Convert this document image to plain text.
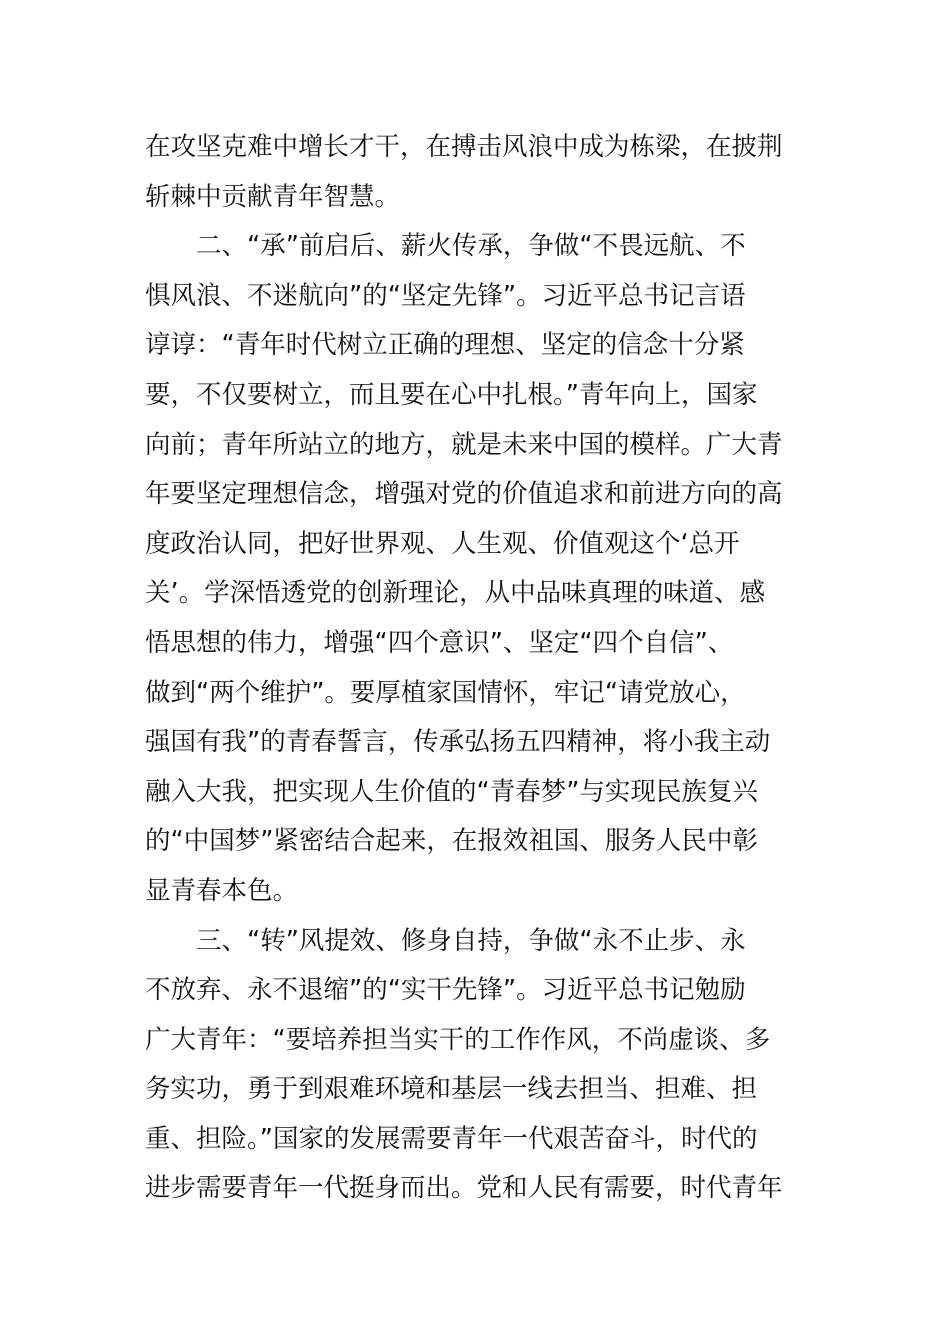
在攻坚克难中增长才干，在搏击风浪中成为栋梁，在披荆
斩棘中贡献青年智慧。
二、“承”前启后、薪火传承，争做“不畏远航、不
惧风浪、不迷航向”的“坚定先锋”。习近平总书记言语
谆谆：“青年时代树立正确的理想、坚定的信念十分紧
要，不仅要树立，而且要在心中扎根。”青年向上，国家
向前；青年所站立的地方，就是未来中国的模样。广大青
年要坚定理想信念，增强对党的价值追求和前进方向的高
度政治认同，把好世界观、人生观、价值观这个‘总开
关’。学深悟透党的创新理论，从中品味真理的味道、感
悟思想的伟力，增强“四个意识”、坚定“四个自信”、
做到“两个维护”。要厚植家国情怀，牢记“请党放心，
强国有我”的青春誓言，传承弘扬五四精神，将小我主动
融入大我，把实现人生价值的“青春梦”与实现民族复兴
的“中国梦”紧密结合起来，在报效祖国、服务人民中彰
显青春本色。
三、“转”风提效、修身自持，争做“永不止步、永
不放弃、永不退缩”的“实干先锋”。习近平总书记勉励
广大青年：“要培养担当实干的工作作风，不尚虚谈、多
务实功，勇于到艰难环境和基层一线去担当、担难、担
重、担险。”国家的发展需要青年一代艰苦奋斗，时代的
进步需要青年一代挺身而出。党和人民有需要，时代青年
